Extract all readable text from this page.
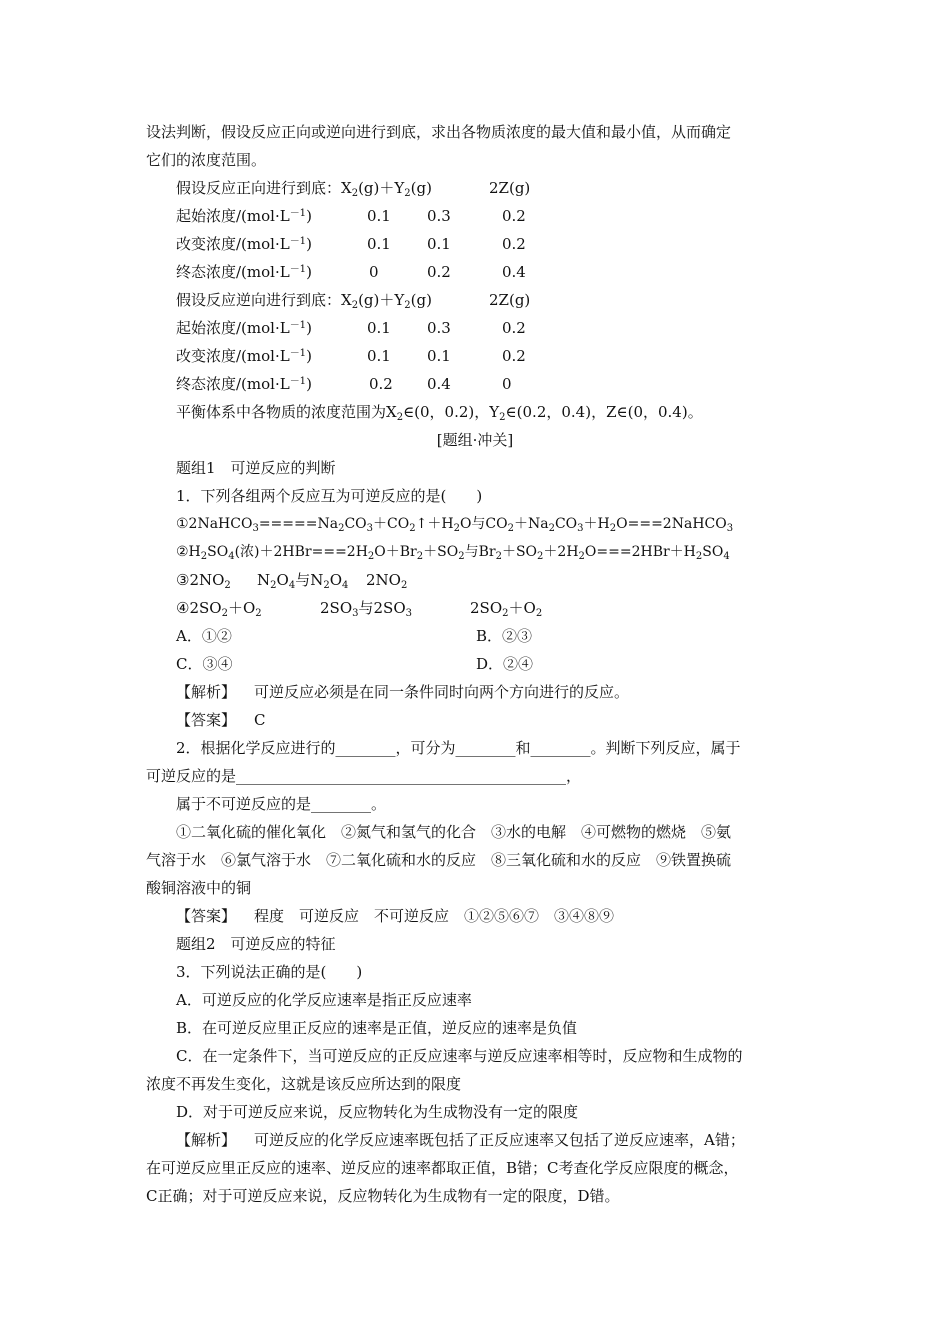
设法判断，假设反应正向或逆向进行到底，求出各物质浓度的最大值和最小值，从而确定
它们的浓度范围。
假设反应正向进行到底：$X_2(g)+Y_2(g)$	2Z(g)
起始浓度$/(mol\cdot L^{-1})$	0.1 0.3	0.2
改变浓度$/(mol\cdot L^{-1})$	0.1 0.1	0.2
终态浓度$/(mol\cdot L^{-1})$	0	0.2	0.4
假设反应逆向进行到底：$X_2(g)+Y_2(g)$	2Z(g)
起始浓度$/(mol\cdot L^{-1})$	0.1 0.3	0.2
改变浓度$/(mol\cdot L^{-1})$	0.1 0.1	0.2
终态浓度$/(mol\cdot L^{-1})$	0.2 0.4	0
平衡体系中各物质的浓度范围为$X_2\in(0$，0.2)，$Y_2\in(0.2$，0.4)，Z∈(0，0.4)。
[题组·冲关]
题组1　可逆反应的判断
1．下列各组两个反应互为可逆反应的是(　　)
$①2NaHCO_3=====Na_2CO_3+CO_2↑+H_2O$与$CO_2+Na_2CO_3+H_2O===2NaHCO_3$
$②H_2SO_4$(浓)$+2HBr===2H_2O+Br_2+SO_2$与$Br_2+SO_2+2H_2O===2HBr+H_2SO_4$
$③2NO_2$ $N_2O_4$与$N_2O_4$ $2NO_2$
$④2SO_2+O_2$	$2SO_3$与$2SO_3$	$2SO_2+O_2$
A．①②	B．②③
C．③④	D．②④
【解析】 可逆反应必须是在同一条件同时向两个方向进行的反应。
【答案】 C
2．根据化学反应进行的________，可分为________和________。判断下列反应，属于
可逆反应的是____________________________________________，
属于不可逆反应的是________。
①二氧化硫的催化氧化　②氮气和氢气的化合　③水的电解　④可燃物的燃烧　⑤氨
气溶于水　⑥氯气溶于水　⑦二氧化硫和水的反应　⑧三氧化硫和水的反应　⑨铁置换硫
酸铜溶液中的铜
【答案】 程度　可逆反应　不可逆反应　①②⑤⑥⑦　③④⑧⑨
题组2　可逆反应的特征
3．下列说法正确的是(　　)
A．可逆反应的化学反应速率是指正反应速率
B．在可逆反应里正反应的速率是正值，逆反应的速率是负值
C．在一定条件下，当可逆反应的正反应速率与逆反应速率相等时，反应物和生成物的
浓度不再发生变化，这就是该反应所达到的限度
D．对于可逆反应来说，反应物转化为生成物没有一定的限度
【解析】 可逆反应的化学反应速率既包括了正反应速率又包括了逆反应速率，A错；
在可逆反应里正反应的速率、逆反应的速率都取正值，B错；C考查化学反应限度的概念，
C正确；对于可逆反应来说，反应物转化为生成物有一定的限度，D错。
